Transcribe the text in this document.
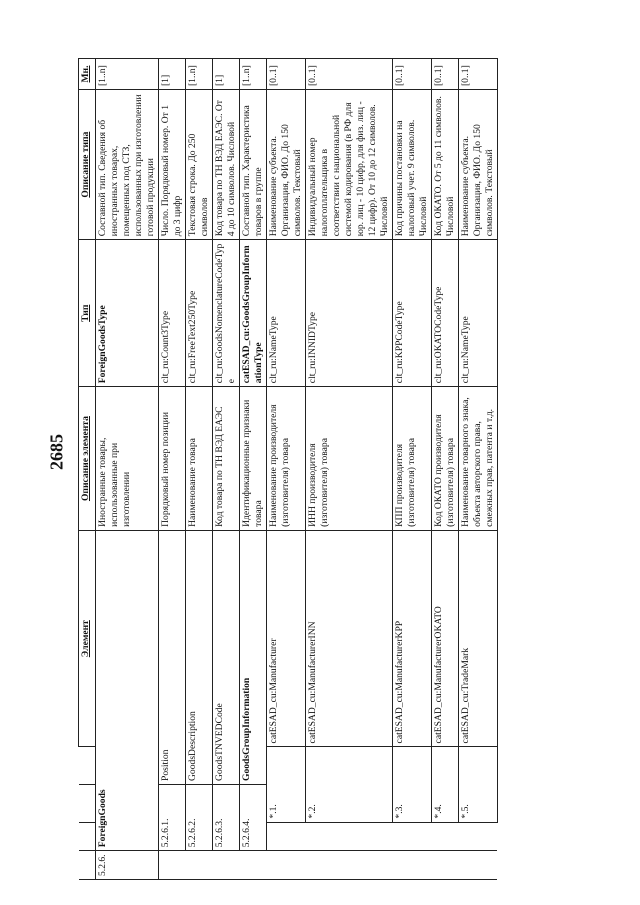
2685
				Элемент	Описание элемента	Тип	Описание типа	Мн.
5.2.6.	ForeignGoods				Иностранные товары, использованные при изготовлении	ForeignGoodsType	Составной тип. Сведения об иностранных товарах, помещенных под СТЗ, использованных при изготовлении готовой продукции	[1..n]
	5.2.6.1.		Position		Порядковый номер позиции	clt_ru:Count3Type	Число. Порядковый номер. От 1 до 3 цифр	[1]
	5.2.6.2.		GoodsDescription		Наименование товара	clt_ru:FreeText250Type	Текстовая строка. До 250 символов	[1..n]
	5.2.6.3.		GoodsTNVEDCode		Код товара по ТН ВЭД ЕАЭС	clt_ru:GoodsNomenclatureCodeType	Код товара по ТН ВЭД ЕАЭС. От 4 до 10 символов. Числовой	[1]
	5.2.6.4.		GoodsGroupInformation		Идентификационные признаки товара	catESAD_cu:GoodsGroupInformationType	Составной тип. Характеристика товаров в группе	[1..n]
		*.1.		catESAD_cu:Manufacturer	Наименование производителя (изготовителя) товара	clt_ru:NameType	Наименование субъекта. Организация, ФИО. До 150 символов. Текстовый	[0..1]
		*.2.		catESAD_cu:ManufacturerINN	ИНН производителя (изготовителя) товара	clt_ru:INNIDType	Индивидуальный номер налогоплательщика в соответствии с национальной системой кодирования (в РФ для юр. лиц - 10 цифр, для физ. лиц - 12 цифр). От 10 до 12 символов. Числовой	[0..1]
		*.3.		catESAD_cu:ManufacturerKPP	КПП производителя (изготовителя) товара	clt_ru:KPPCodeType	Код причины постановки на налоговый учет. 9 символов. Числовой	[0..1]
		*.4.		catESAD_cu:ManufacturerOKATO	Код ОКАТО производителя (изготовителя) товара	clt_ru:OKATOCodeType	Код ОКАТО. От 5 до 11 символов. Числовой	[0..1]
		*.5.		catESAD_cu:TradeMark	Наименование товарного знака, объекта авторского права, смежных прав, патента и т.д.	clt_ru:NameType	Наименование субъекта. Организация, ФИО. До 150 символов. Текстовый	[0..1]
